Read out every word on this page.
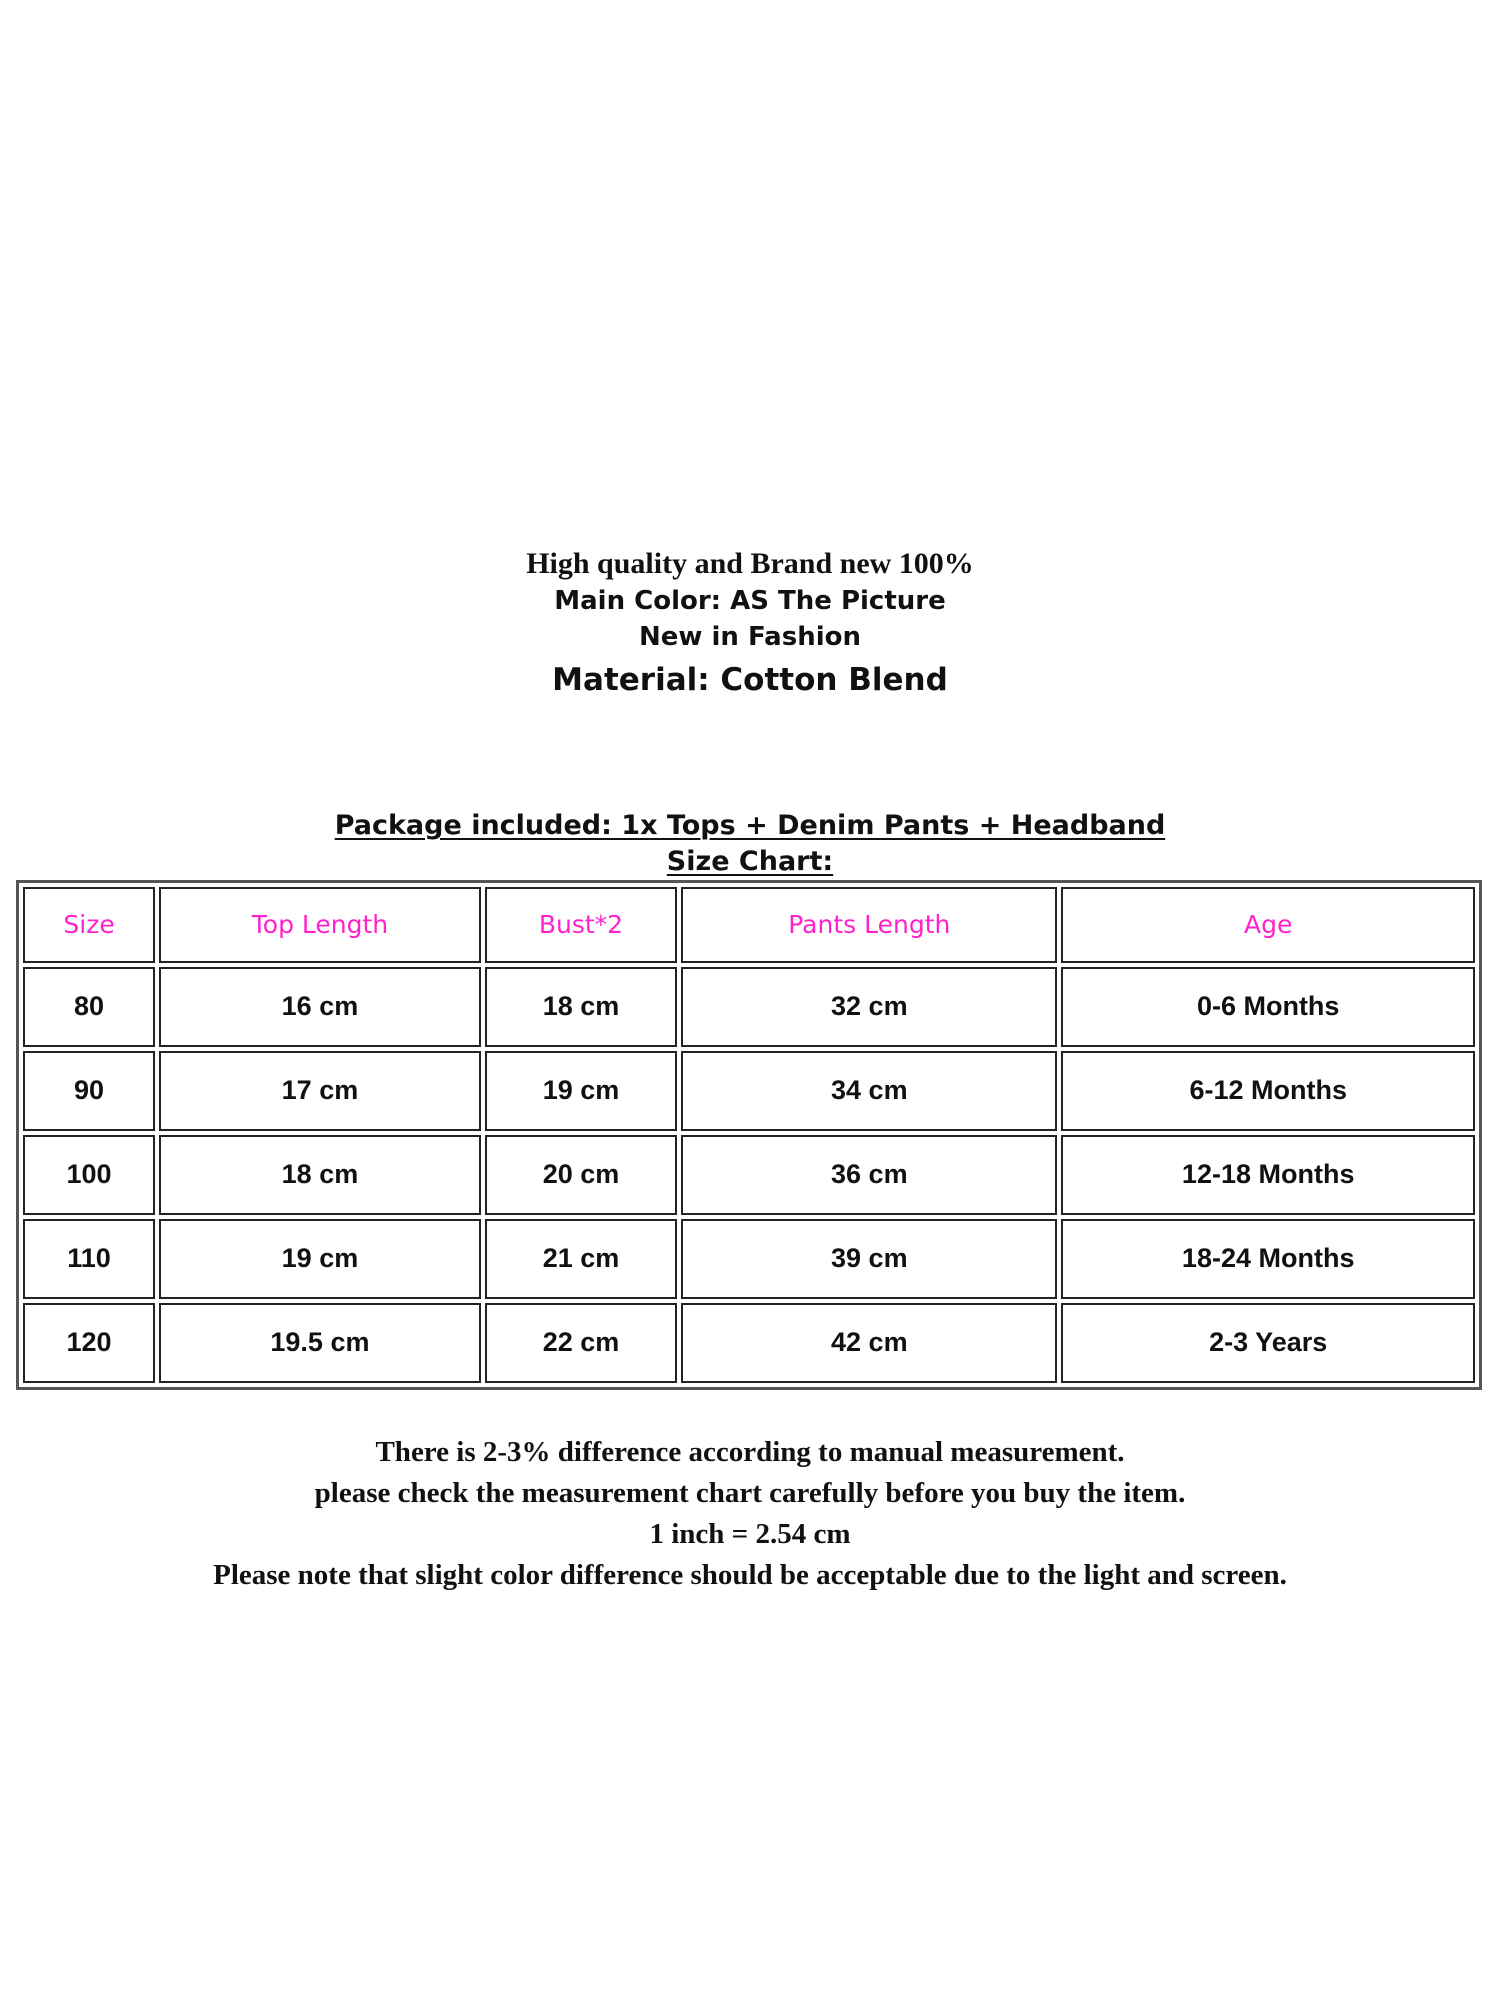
High quality and Brand new 100%
Main Color: AS The Picture
New in Fashion
Material: Cotton Blend
Package included: 1x Tops + Denim Pants + Headband
Size Chart:
Size	Top Length	Bust*2	Pants Length	Age
80	16 cm	18 cm	32 cm	0-6 Months
90	17 cm	19 cm	34 cm	6-12 Months
100	18 cm	20 cm	36 cm	12-18 Months
110	19 cm	21 cm	39 cm	18-24 Months
120	19.5 cm	22 cm	42 cm	2-3 Years
There is 2-3% difference according to manual measurement.
please check the measurement chart carefully before you buy the item.
1 inch = 2.54 cm
Please note that slight color difference should be acceptable due to the light and screen.
